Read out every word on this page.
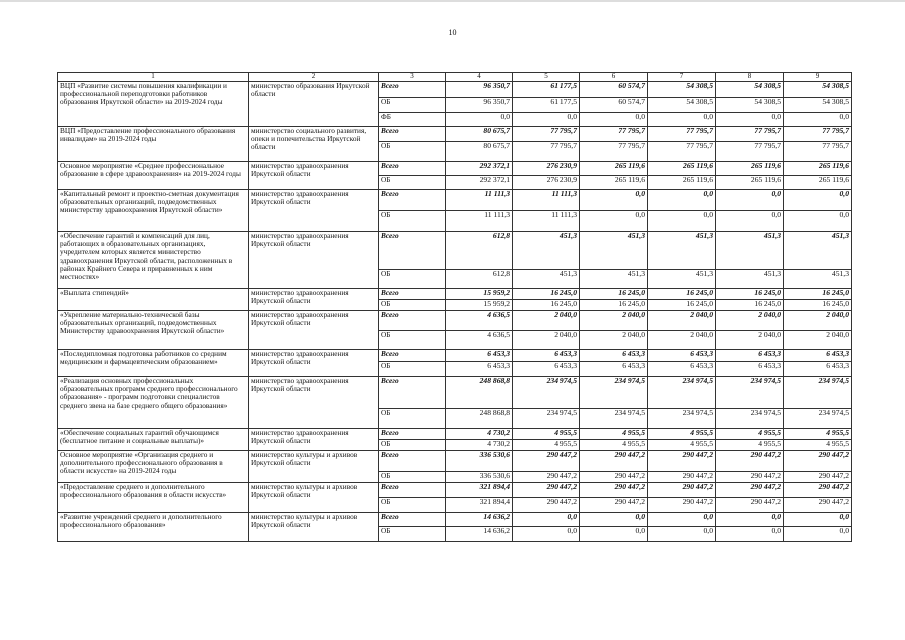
10
1	2	3	4	5	6	7	8	9
ВЦП «Развитие системы повышения квалификации и профессиональной переподготовки работников образования Иркутской области» на 2019-2024 годы	министерство образования Иркутской области	Всего	96 350,7	61 177,5	60 574,7	54 308,5	54 308,5	54 308,5
		ОБ	96 350,7	61 177,5	60 574,7	54 308,5	54 308,5	54 308,5
		ФБ	0,0	0,0	0,0	0,0	0,0	0,0
ВЦП «Предоставление профессионального образования инвалидам» на 2019-2024 годы	министерство социального развития, опеки и попечительства Иркутской области	Всего	80 675,7	77 795,7	77 795,7	77 795,7	77 795,7	77 795,7
		ОБ	80 675,7	77 795,7	77 795,7	77 795,7	77 795,7	77 795,7
Основное мероприятие «Среднее профессиональное образование в сфере здравоохранения» на 2019-2024 годы	министерство здравоохранения Иркутской области	Всего	292 372,1	276 230,9	265 119,6	265 119,6	265 119,6	265 119,6
		ОБ	292 372,1	276 230,9	265 119,6	265 119,6	265 119,6	265 119,6
«Капитальный ремонт и проектно-сметная документация образовательных организаций, подведомственных министерству здравоохранения Иркутской области»	министерство здравоохранения Иркутской области	Всего	11 111,3	11 111,3	0,0	0,0	0,0	0,0
		ОБ	11 111,3	11 111,3	0,0	0,0	0,0	0,0
«Обеспечение гарантий и компенсаций для лиц, работающих в образовательных организациях, учредителем которых является министерство здравоохранения Иркутской области, расположенных в районах Крайнего Севера и приравненных к ним местностях»	министерство здравоохранения Иркутской области	Всего	612,8	451,3	451,3	451,3	451,3	451,3
		ОБ	612,8	451,3	451,3	451,3	451,3	451,3
«Выплата стипендий»	министерство здравоохранения Иркутской области	Всего	15 959,2	16 245,0	16 245,0	16 245,0	16 245,0	16 245,0
		ОБ	15 959,2	16 245,0	16 245,0	16 245,0	16 245,0	16 245,0
«Укрепление материально-технической базы образовательных организаций, подведомственных Министерству здравоохранения Иркутской области»	министерство здравоохранения Иркутской области	Всего	4 636,5	2 040,0	2 040,0	2 040,0	2 040,0	2 040,0
		ОБ	4 636,5	2 040,0	2 040,0	2 040,0	2 040,0	2 040,0
«Последипломная подготовка работников со средним медицинским и фармацевтическим образованием»	министерство здравоохранения Иркутской области	Всего	6 453,3	6 453,3	6 453,3	6 453,3	6 453,3	6 453,3
		ОБ	6 453,3	6 453,3	6 453,3	6 453,3	6 453,3	6 453,3
«Реализация основных профессиональных образовательных программ среднего профессионального образования» - программ подготовки специалистов среднего звена на базе среднего общего образования»	министерство здравоохранения Иркутской области	Всего	248 868,8	234 974,5	234 974,5	234 974,5	234 974,5	234 974,5
		ОБ	248 868,8	234 974,5	234 974,5	234 974,5	234 974,5	234 974,5
«Обеспечение социальных гарантий обучающимся (бесплатное питание и социальные выплаты)»	министерство здравоохранения Иркутской области	Всего	4 730,2	4 955,5	4 955,5	4 955,5	4 955,5	4 955,5
		ОБ	4 730,2	4 955,5	4 955,5	4 955,5	4 955,5	4 955,5
Основное мероприятие «Организация среднего и дополнительного профессионального образования в области искусств» на 2019-2024 годы	министерство культуры и архивов Иркутской области	Всего	336 530,6	290 447,2	290 447,2	290 447,2	290 447,2	290 447,2
		ОБ	336 530,6	290 447,2	290 447,2	290 447,2	290 447,2	290 447,2
«Предоставление среднего и дополнительного профессионального образования в области искусств»	министерство культуры и архивов Иркутской области	Всего	321 894,4	290 447,2	290 447,2	290 447,2	290 447,2	290 447,2
		ОБ	321 894,4	290 447,2	290 447,2	290 447,2	290 447,2	290 447,2
«Развитие учреждений среднего и дополнительного профессионального образования»	министерство культуры и архивов Иркутской области	Всего	14 636,2	0,0	0,0	0,0	0,0	0,0
		ОБ	14 636,2	0,0	0,0	0,0	0,0	0,0
